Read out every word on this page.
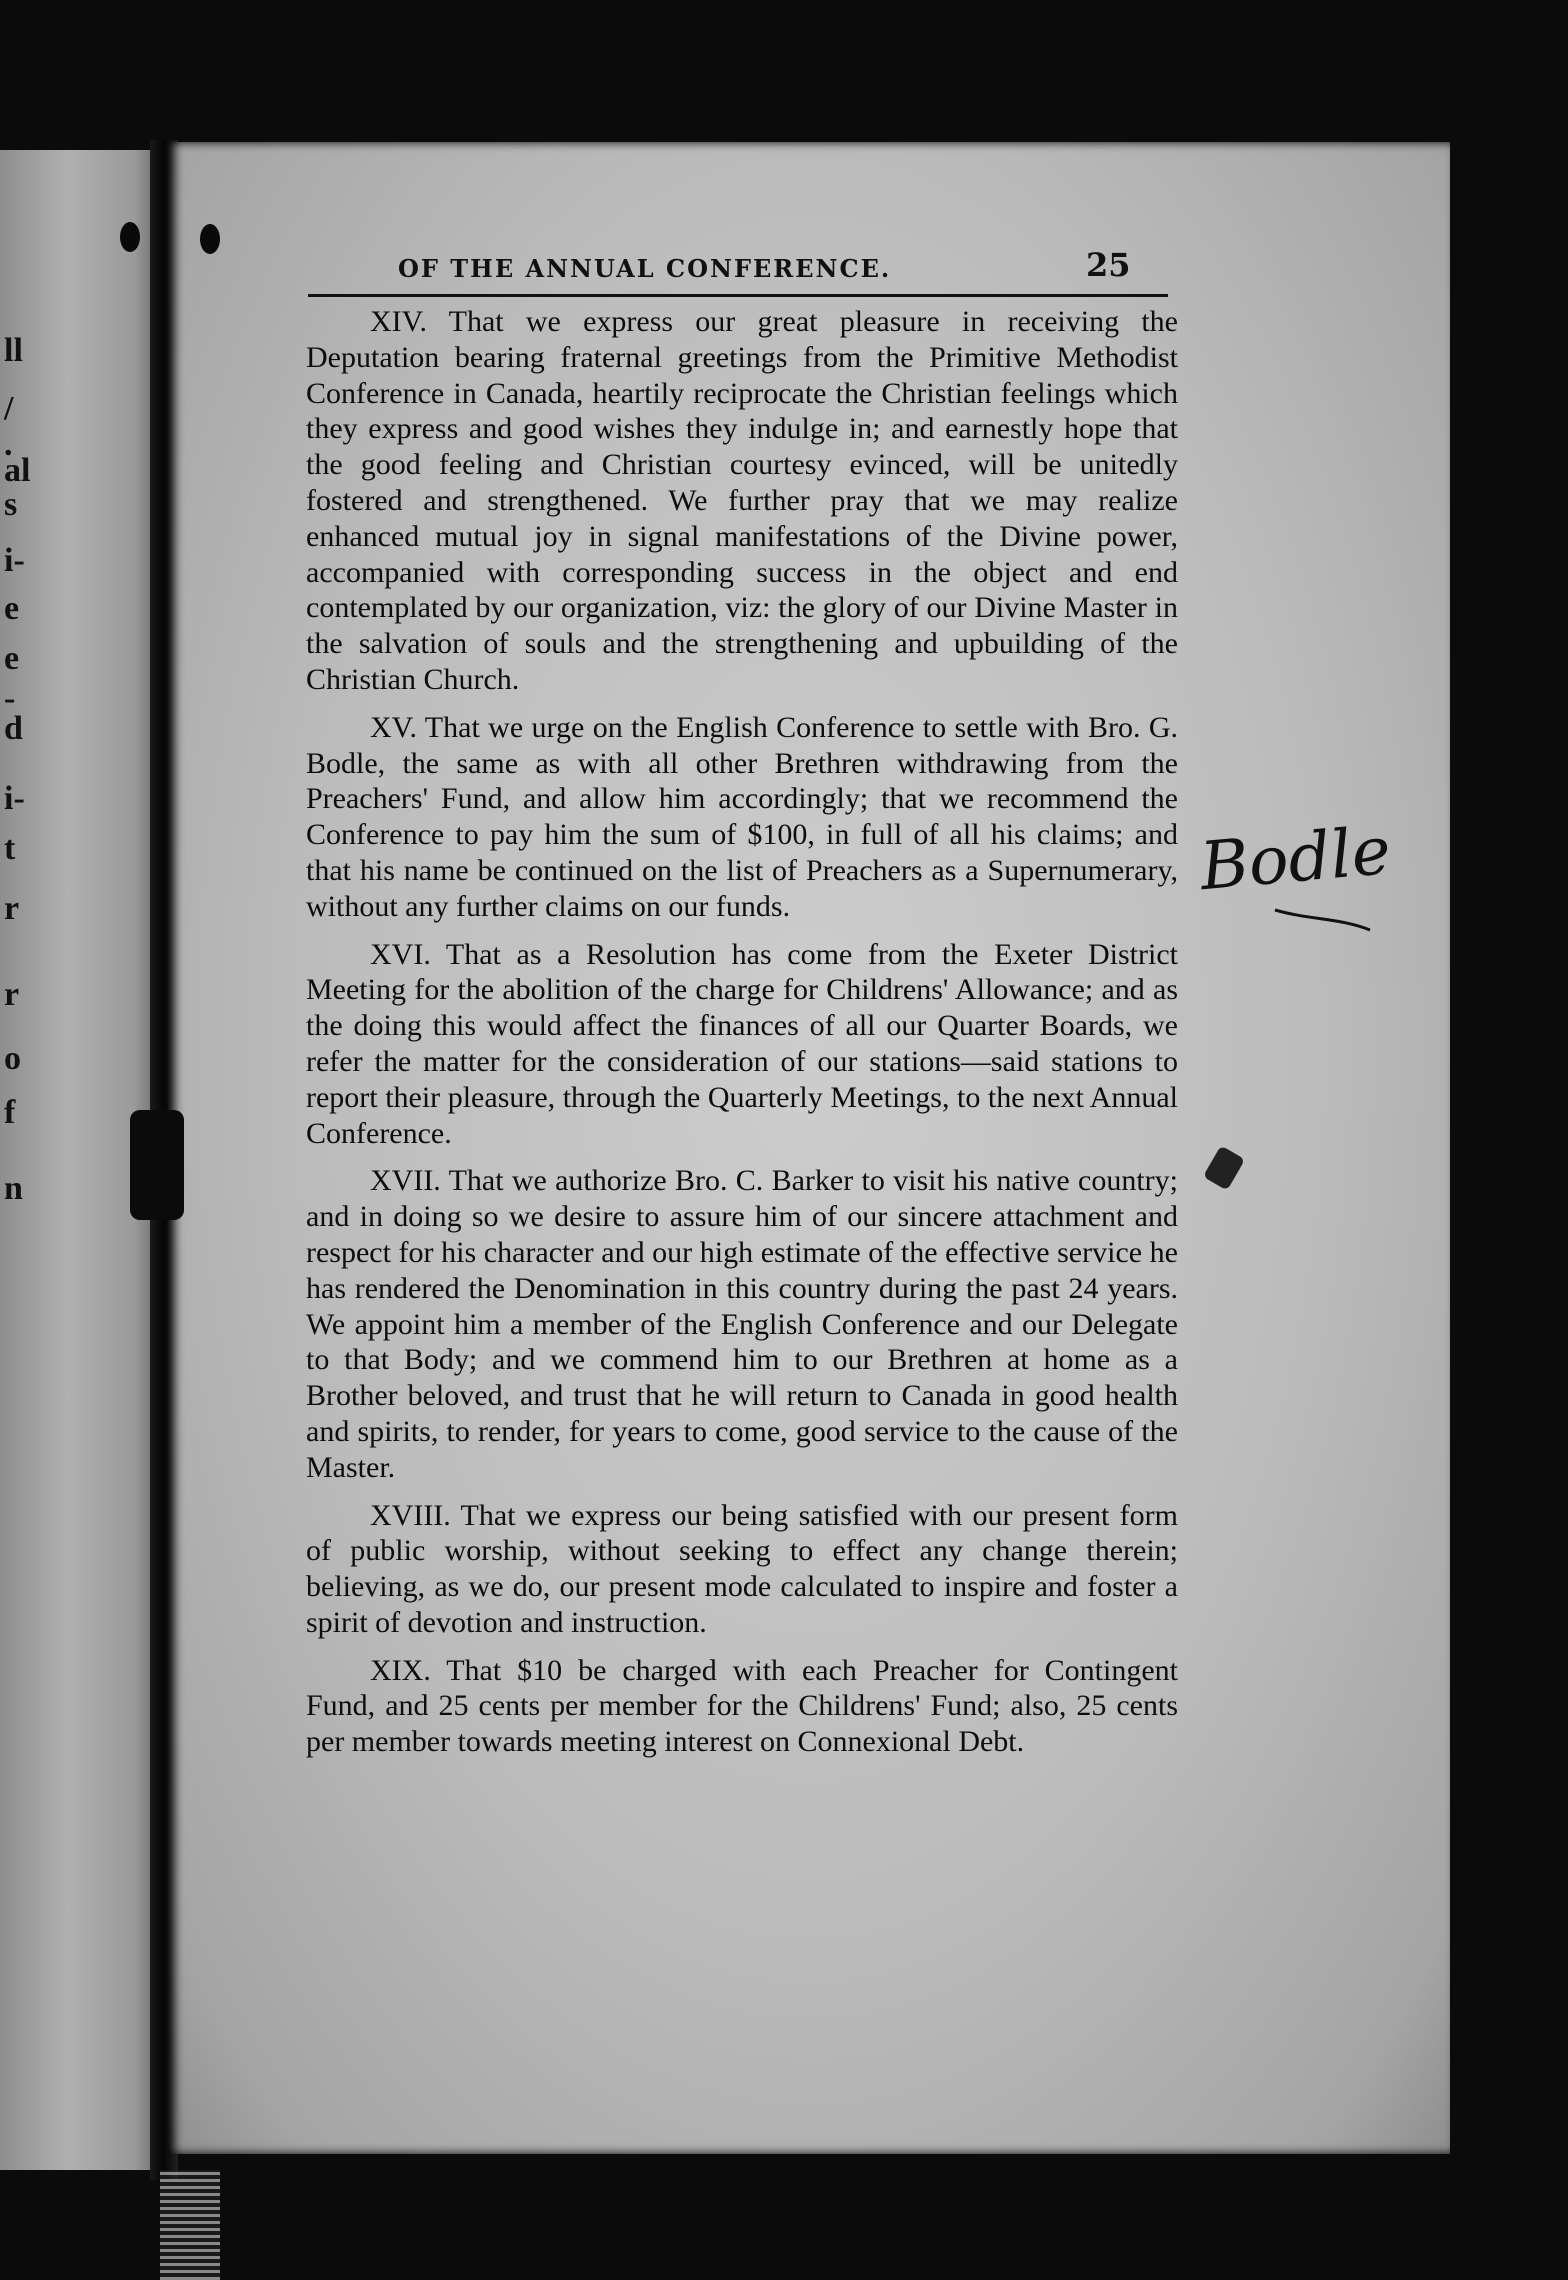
ll
/
.
al
s
i-
e
e
-
d
i-
t
r
r
o
f
n
OF THE ANNUAL CONFERENCE.	25

XIV. That we express our great pleasure in receiving the Deputation bearing fraternal greetings from the Primitive Methodist Conference in Canada, heartily reciprocate the Christian feelings which they express and good wishes they indulge in; and earnestly hope that the good feeling and Christian courtesy evinced, will be unitedly fostered and strengthened. We further pray that we may realize enhanced mutual joy in signal manifestations of the Divine power, accompanied with corresponding success in the object and end contemplated by our organization, viz: the glory of our Divine Master in the salvation of souls and the strengthening and upbuilding of the Christian Church.

XV. That we urge on the English Conference to settle with Bro. G. Bodle, the same as with all other Brethren withdrawing from the Preachers' Fund, and allow him accordingly; that we recommend the Conference to pay him the sum of $100, in full of all his claims; and that his name be continued on the list of Preachers as a Supernumerary, without any further claims on our funds.

XVI. That as a Resolution has come from the Exeter District Meeting for the abolition of the charge for Childrens' Allowance; and as the doing this would affect the finances of all our Quarter Boards, we refer the matter for the consideration of our stations—said stations to report their pleasure, through the Quarterly Meetings, to the next Annual Conference.

XVII. That we authorize Bro. C. Barker to visit his native country; and in doing so we desire to assure him of our sincere attachment and respect for his character and our high estimate of the effective service he has rendered the Denomination in this country during the past 24 years. We appoint him a member of the English Conference and our Delegate to that Body; and we commend him to our Brethren at home as a Brother beloved, and trust that he will return to Canada in good health and spirits, to render, for years to come, good service to the cause of the Master.

XVIII. That we express our being satisfied with our present form of public worship, without seeking to effect any change therein; believing, as we do, our present mode calculated to inspire and foster a spirit of devotion and instruction.

XIX. That $10 be charged with each Preacher for Contingent Fund, and 25 cents per member for the Childrens' Fund; also, 25 cents per member towards meeting interest on Connexional Debt.

Bodle
